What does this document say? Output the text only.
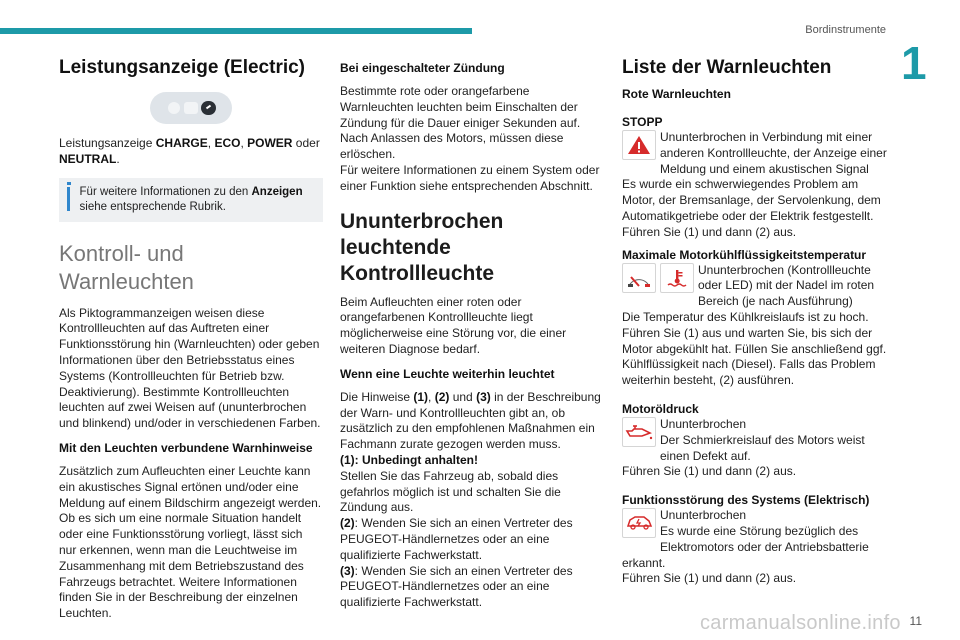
Bordinstrumente
1
Leistungsanzeige (Electric)

Leistungsanzeige CHARGE, ECO, POWER oder
NEUTRAL.

Für weitere Informationen zu den Anzeigen siehe entsprechende Rubrik.

Kontroll- und Warnleuchten

Als Piktogrammanzeigen weisen diese Kontrollleuchten auf das Auftreten einer Funktionsstörung hin (Warnleuchten) oder geben Informationen über den Betriebsstatus eines Systems (Kontrollleuchten für Betrieb bzw. Deaktivierung). Bestimmte Kontrollleuchten leuchten auf zwei Weisen auf (ununterbrochen und blinkend) und/oder in verschiedenen Farben.

Mit den Leuchten verbundene Warnhinweise

Zusätzlich zum Aufleuchten einer Leuchte kann ein akustisches Signal ertönen und/oder eine Meldung auf einem Bildschirm angezeigt werden.

Ob es sich um eine normale Situation handelt oder eine Funktionsstörung vorliegt, lässt sich nur erkennen, wenn man die Leuchtweise im Zusammenhang mit dem Betriebszustand des Fahrzeugs betrachtet. Weitere Informationen finden Sie in der Beschreibung der einzelnen Leuchten.

Bei eingeschalteter Zündung

Bestimmte rote oder orangefarbene Warnleuchten leuchten beim Einschalten der Zündung für die Dauer einiger Sekunden auf. Nach Anlassen des Motors, müssen diese erlöschen.

Für weitere Informationen zu einem System oder einer Funktion siehe entsprechenden Abschnitt.

Ununterbrochen leuchtende Kontrollleuchte

Beim Aufleuchten einer roten oder orangefarbenen Kontrollleuchte liegt möglicherweise eine Störung vor, die einer weiteren Diagnose bedarf.

Wenn eine Leuchte weiterhin leuchtet

Die Hinweise (1), (2) und (3) in der Beschreibung der Warn- und Kontrollleuchten gibt an, ob zusätzlich zu den empfohlenen Maßnahmen ein Fachmann zurate gezogen werden muss.

(1): Unbedingt anhalten!

Stellen Sie das Fahrzeug ab, sobald dies gefahrlos möglich ist und schalten Sie die Zündung aus.

(2): Wenden Sie sich an einen Vertreter des PEUGEOT-Händlernetzes oder an eine qualifizierte Fachwerkstatt.

(3): Wenden Sie sich an einen Vertreter des PEUGEOT-Händlernetzes oder an eine qualifizierte Fachwerkstatt.

Liste der Warnleuchten
Rote Warnleuchten
STOPP

Ununterbrochen in Verbindung mit einer anderen Kontrollleuchte, der Anzeige einer Meldung und einem akustischen Signal

Es wurde ein schwerwiegendes Problem am Motor, der Bremsanlage, der Servolenkung, dem Automatikgetriebe oder der Elektrik festgestellt.

Führen Sie (1) und dann (2) aus.

Maximale Motorkühlflüssigkeitstemperatur

Ununterbrochen (Kontrollleuchte oder LED) mit der Nadel im roten Bereich (je nach Ausführung)

Die Temperatur des Kühlkreislaufs ist zu hoch.

Führen Sie (1) aus und warten Sie, bis sich der Motor abgekühlt hat. Füllen Sie anschließend ggf. Kühlflüssigkeit nach (Diesel). Falls das Problem weiterhin besteht, (2) ausführen.

Motoröldruck

Ununterbrochen

Der Schmierkreislauf des Motors weist einen Defekt auf.

Führen Sie (1) und dann (2) aus.

Funktionsstörung des Systems (Elektrisch)

Ununterbrochen

Es wurde eine Störung bezüglich des Elektromotors oder der Antriebsbatterie erkannt.

Führen Sie (1) und dann (2) aus.

carmanualsonline.info 11
